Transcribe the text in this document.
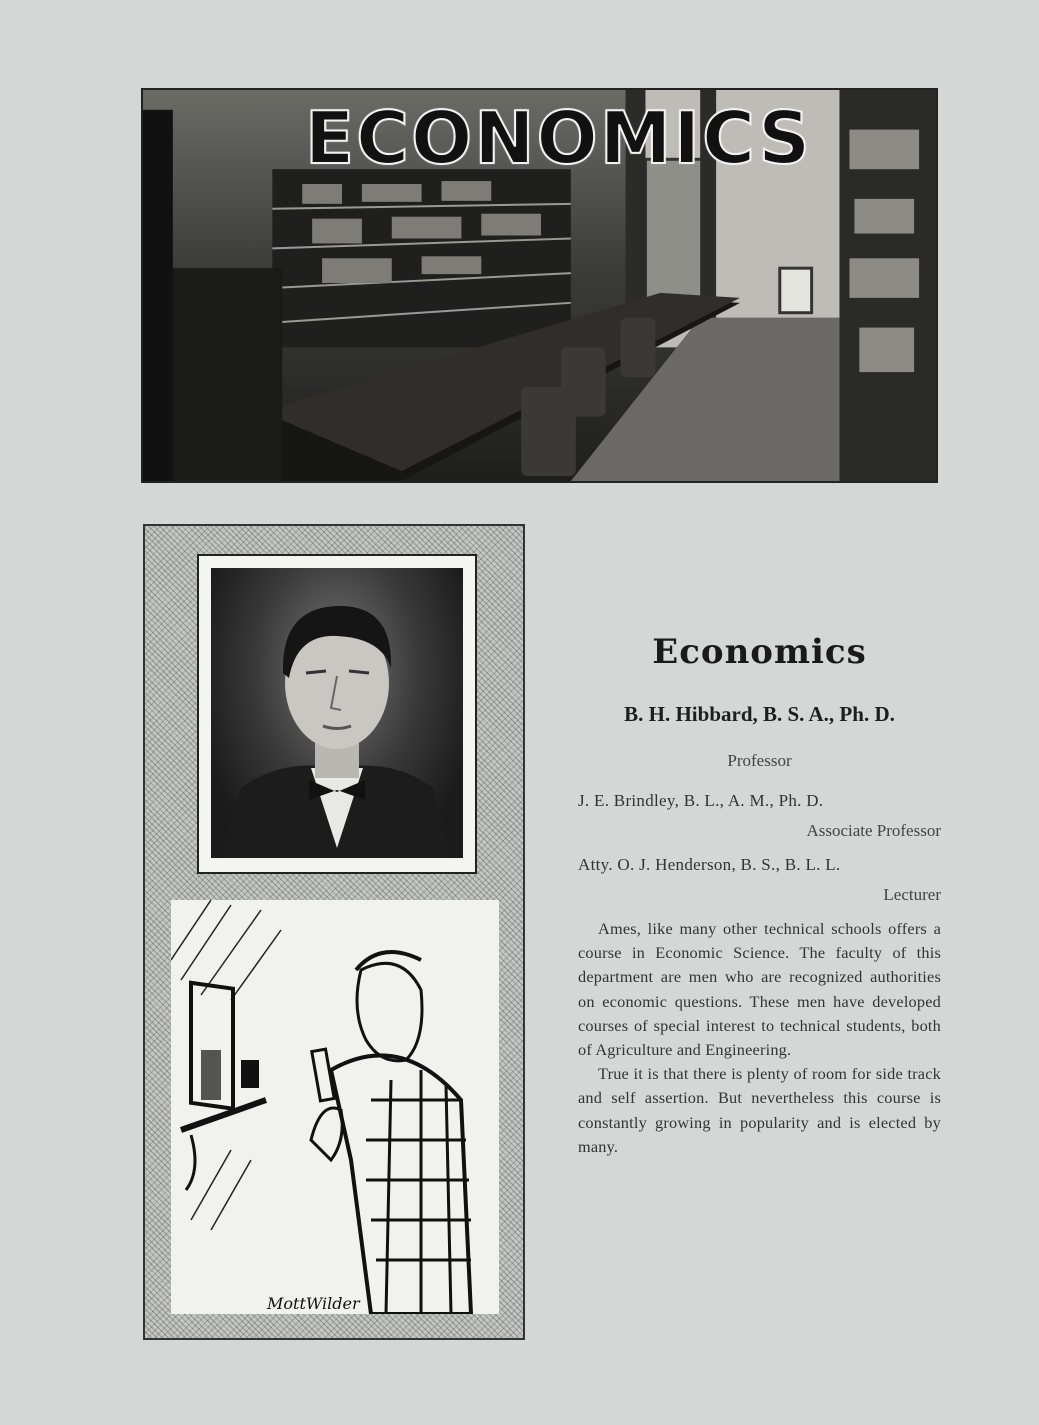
ECONOMICS
MottWilder
Economics

B. H. Hibbard, B. S. A., Ph. D.

Professor

J. E. Brindley, B. L., A. M., Ph. D.

Associate Professor

Atty. O. J. Henderson, B. S., B. L. L.

Lecturer

Ames, like many other technical schools offers a course in Economic Science. The faculty of this department are men who are recognized authorities on economic questions. These men have developed courses of special interest to technical students, both of Agriculture and Engineering.

True it is that there is plenty of room for side track and self assertion. But nevertheless this course is constantly growing in popularity and is elected by many.
